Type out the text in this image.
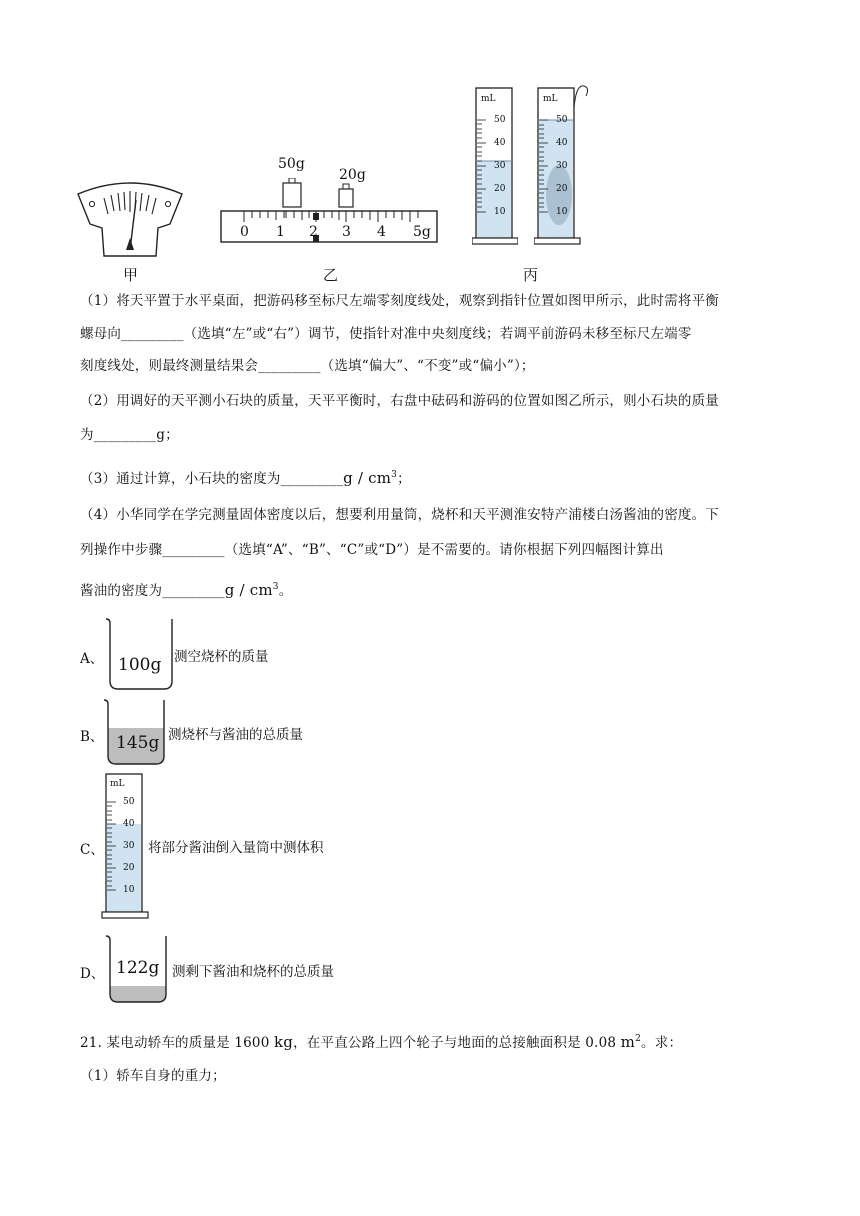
甲
50g
20g
0 1 2 3 4 5g
乙
mL
50
40
30
20
10
mL
50
40
30
20
10
丙
（1）将天平置于水平桌面，把游码移至标尺左端零刻度线处，观察到指针位置如图甲所示，此时需将平衡
螺母向_________（选填“左”或“右”）调节，使指针对准中央刻度线；若调平前游码未移至标尺左端零
刻度线处，则最终测量结果会_________（选填“偏大”、“不变”或“偏小”）；
（2）用调好的天平测小石块的质量，天平平衡时，右盘中砝码和游码的位置如图乙所示，则小石块的质量
为_________g；
（3）通过计算，小石块的密度为_________g / $cm^3$；
（4）小华同学在学完测量固体密度以后，想要利用量筒，烧杯和天平测淮安特产浦楼白汤酱油的密度。下
列操作中步骤_________（选填“A”、“B”、“C”或“D”）是不需要的。请你根据下列四幅图计算出
酱油的密度为_________g / $cm^3$。
A、 100g 测空烧杯的质量
B、 145g 测烧杯与酱油的总质量
C、
mL
50
40
30
20
10
将部分酱油倒入量筒中测体积
D、 122g 测剩下酱油和烧杯的总质量
21. 某电动轿车的质量是 1600 kg，在平直公路上四个轮子与地面的总接触面积是 0.08 $m^2$。求：
（1）轿车自身的重力；
